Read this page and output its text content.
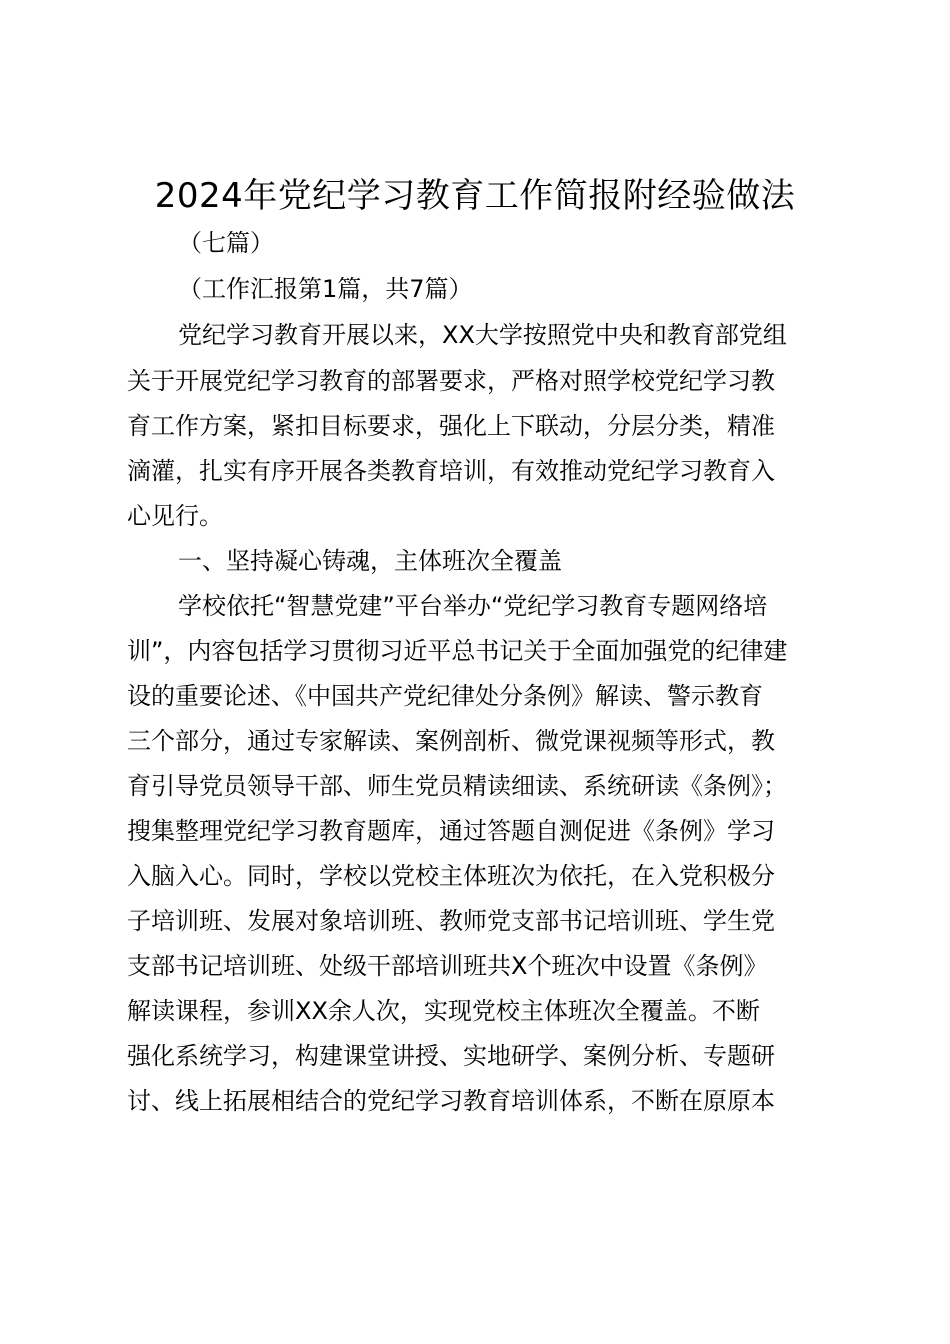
2024年党纪学习教育工作简报附经验做法
（七篇）
（工作汇报第1篇，共7篇）
党纪学习教育开展以来，XX大学按照党中央和教育部党组
关于开展党纪学习教育的部署要求，严格对照学校党纪学习教
育工作方案，紧扣目标要求，强化上下联动，分层分类，精准
滴灌，扎实有序开展各类教育培训，有效推动党纪学习教育入
心见行。
一、坚持凝心铸魂，主体班次全覆盖
学校依托“智慧党建”平台举办“党纪学习教育专题网络培
训”，内容包括学习贯彻习近平总书记关于全面加强党的纪律建
设的重要论述、《中国共产党纪律处分条例》解读、警示教育
三个部分，通过专家解读、案例剖析、微党课视频等形式，教
育引导党员领导干部、师生党员精读细读、系统研读《条例》；
搜集整理党纪学习教育题库，通过答题自测促进《条例》学习
入脑入心。同时，学校以党校主体班次为依托，在入党积极分
子培训班、发展对象培训班、教师党支部书记培训班、学生党
支部书记培训班、处级干部培训班共X个班次中设置《条例》
解读课程，参训XX余人次，实现党校主体班次全覆盖。不断
强化系统学习，构建课堂讲授、实地研学、案例分析、专题研
讨、线上拓展相结合的党纪学习教育培训体系，不断在原原本
